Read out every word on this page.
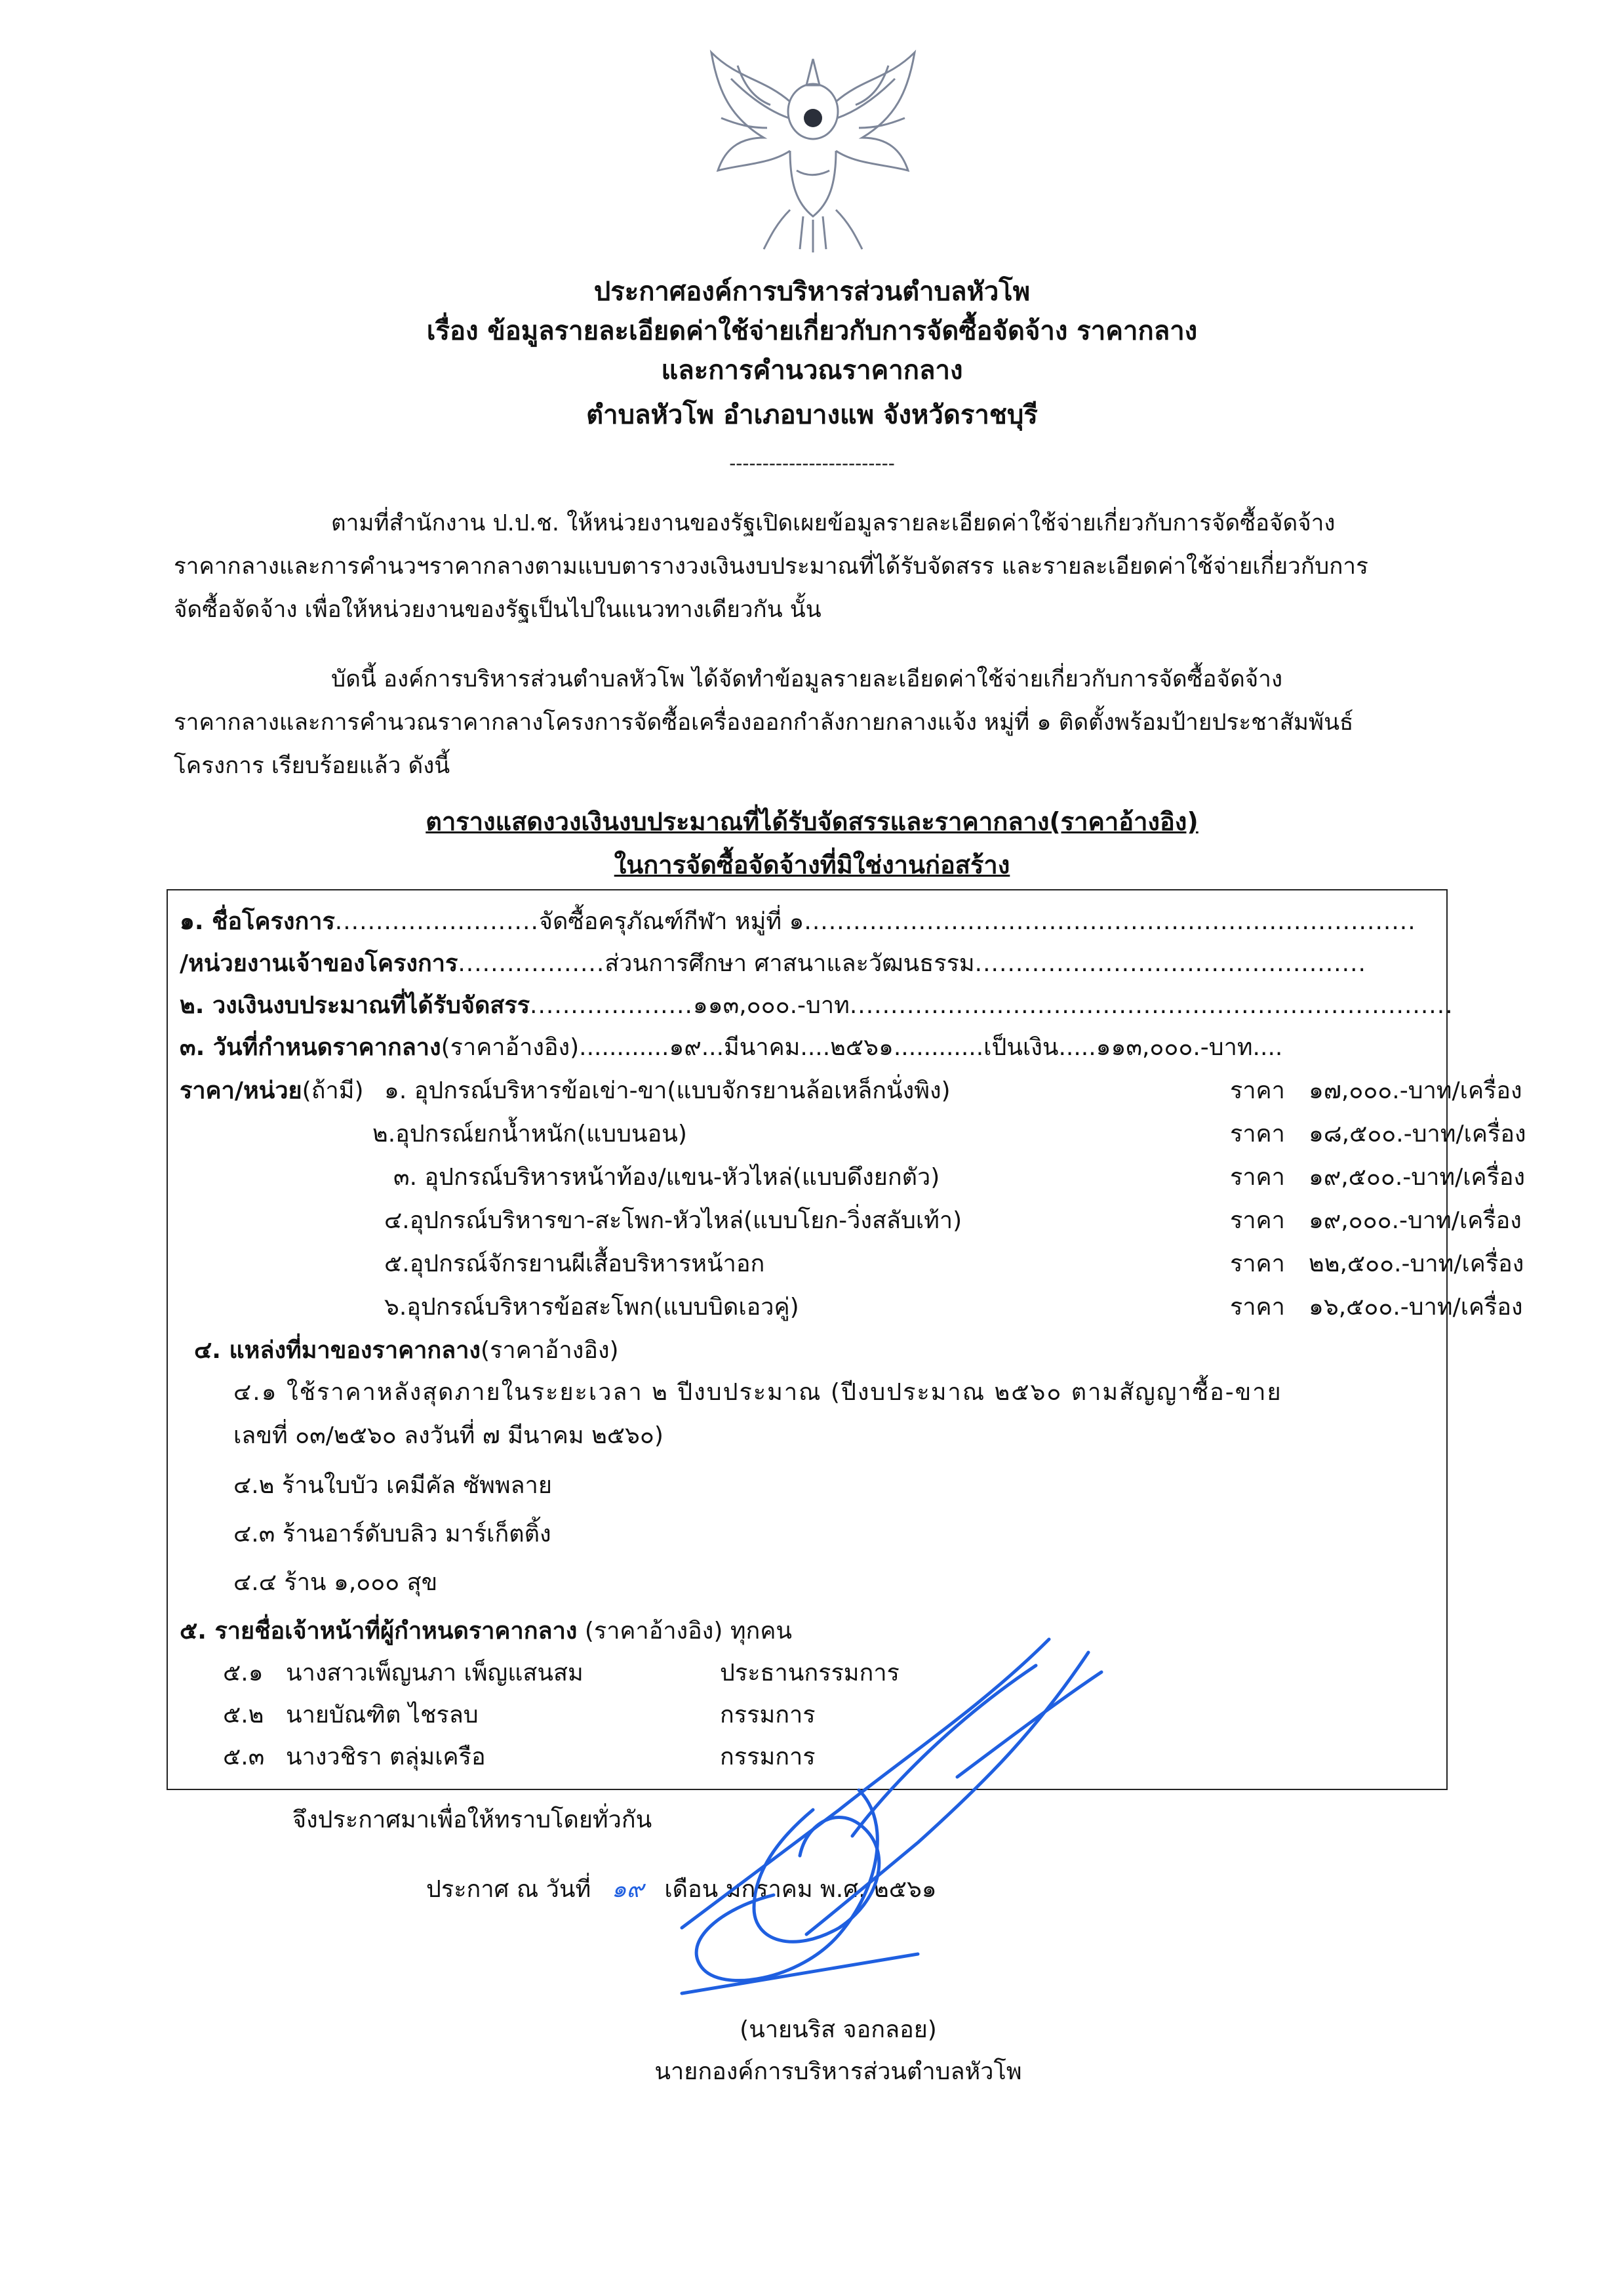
ประกาศองค์การบริหารส่วนตำบลหัวโพ
เรื่อง ข้อมูลรายละเอียดค่าใช้จ่ายเกี่ยวกับการจัดซื้อจัดจ้าง ราคากลาง
และการคำนวณราคากลาง
ตำบลหัวโพ อำเภอบางแพ จังหวัดราชบุรี
-------------------------

ตามที่สำนักงาน ป.ป.ช. ให้หน่วยงานของรัฐเปิดเผยข้อมูลรายละเอียดค่าใช้จ่ายเกี่ยวกับการจัดซื้อจัดจ้าง

ราคากลางและการคำนวฯราคากลางตามแบบตารางวงเงินงบประมาณที่ได้รับจัดสรร และรายละเอียดค่าใช้จ่ายเกี่ยวกับการ

จัดซื้อจัดจ้าง เพื่อให้หน่วยงานของรัฐเป็นไปในแนวทางเดียวกัน นั้น

บัดนี้ องค์การบริหารส่วนตำบลหัวโพ ได้จัดทำข้อมูลรายละเอียดค่าใช้จ่ายเกี่ยวกับการจัดซื้อจัดจ้าง

ราคากลางและการคำนวณราคากลางโครงการจัดซื้อเครื่องออกกำลังกายกลางแจ้ง หมู่ที่ ๑ ติดตั้งพร้อมป้ายประชาสัมพันธ์

โครงการ เรียบร้อยแล้ว ดังนี้

ตารางแสดงวงเงินงบประมาณที่ได้รับจัดสรรและราคากลาง(ราคาอ้างอิง)
ในการจัดซื้อจัดจ้างที่มิใช่งานก่อสร้าง
๑. ชื่อโครงการ.........................จัดซื้อครุภัณฑ์กีฬา หมู่ที่ ๑...........................................................................
/หน่วยงานเจ้าของโครงการ..................ส่วนการศึกษา ศาสนาและวัฒนธรรม................................................
๒. วงเงินงบประมาณที่ได้รับจัดสรร....................๑๑๓,๐๐๐.-บาท..........................................................................
๓. วันที่กำหนดราคากลาง(ราคาอ้างอิง)............๑๙...มีนาคม....๒๕๖๑............เป็นเงิน.....๑๑๓,๐๐๐.-บาท....
ราคา/หน่วย(ถ้ามี) ๑. อุปกรณ์บริหารข้อเข่า-ขา(แบบจักรยานล้อเหล็กนั่งพิง)	ราคา ๑๗,๐๐๐.-บาท/เครื่อง
๒.อุปกรณ์ยกน้ำหนัก(แบบนอน)	ราคา ๑๘,๕๐๐.-บาท/เครื่อง
๓. อุปกรณ์บริหารหน้าท้อง/แขน-หัวไหล่(แบบดึงยกตัว)	ราคา ๑๙,๕๐๐.-บาท/เครื่อง
๔.อุปกรณ์บริหารขา-สะโพก-หัวไหล่(แบบโยก-วิ่งสลับเท้า)	ราคา ๑๙,๐๐๐.-บาท/เครื่อง
๕.อุปกรณ์จักรยานผีเสื้อบริหารหน้าอก	ราคา ๒๒,๕๐๐.-บาท/เครื่อง
๖.อุปกรณ์บริหารข้อสะโพก(แบบบิดเอวคู่)	ราคา ๑๖,๕๐๐.-บาท/เครื่อง
๔. แหล่งที่มาของราคากลาง(ราคาอ้างอิง)
๔.๑ ใช้ราคาหลังสุดภายในระยะเวลา ๒ ปีงบประมาณ (ปีงบประมาณ ๒๕๖๐ ตามสัญญาซื้อ-ขาย
เลขที่ ๐๓/๒๕๖๐ ลงวันที่ ๗ มีนาคม ๒๕๖๐)
๔.๒ ร้านใบบัว เคมีคัล ซัพพลาย
๔.๓ ร้านอาร์ดับบลิว มาร์เก็ตติ้ง
๔.๔ ร้าน ๑,๐๐๐ สุข
๕. รายชื่อเจ้าหน้าที่ผู้กำหนดราคากลาง (ราคาอ้างอิง) ทุกคน
๕.๑ นางสาวเพ็ญนภา เพ็ญแสนสม	ประธานกรรมการ
๕.๒ นายบัณฑิต ไชรลบ	กรรมการ
๕.๓ นางวชิรา ตลุ่มเครือ	กรรมการ
จึงประกาศมาเพื่อให้ทราบโดยทั่วกัน
ประกาศ ณ วันที่ ๑๙ เดือน มกราคม พ.ศ. ๒๕๖๑
(นายนริส จอกลอย)
นายกองค์การบริหารส่วนตำบลหัวโพ
